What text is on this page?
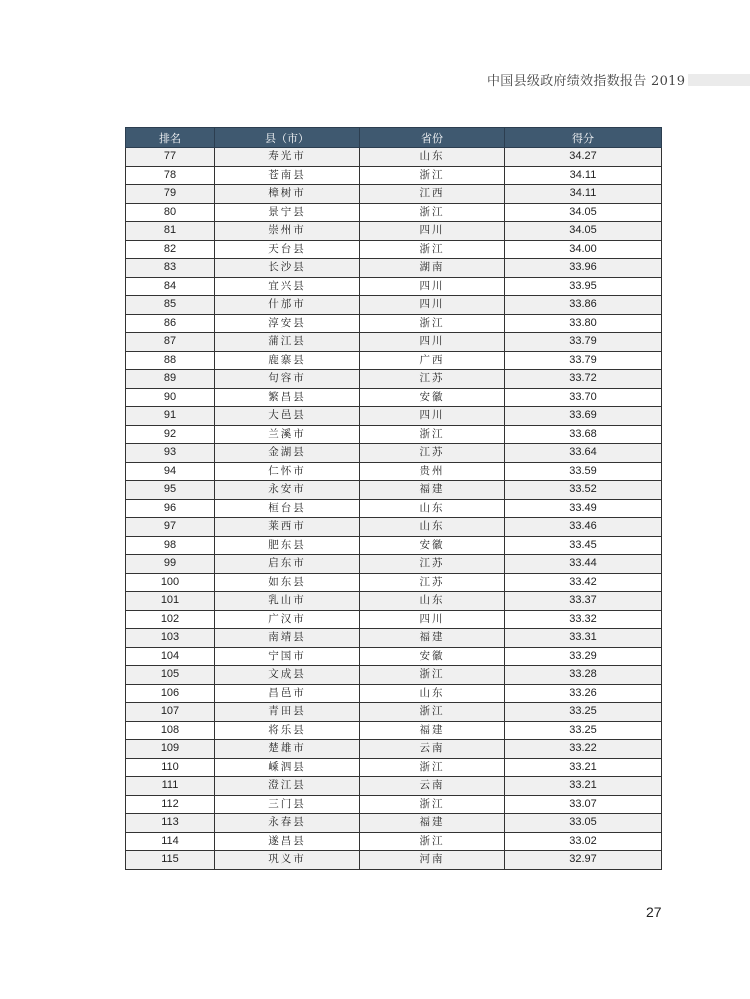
中国县级政府绩效指数报告 2019
排名	县（市）	省份	得分
77	寿光市	山东	34.27
78	苍南县	浙江	34.11
79	樟树市	江西	34.11
80	景宁县	浙江	34.05
81	崇州市	四川	34.05
82	天台县	浙江	34.00
83	长沙县	湖南	33.96
84	宜兴县	四川	33.95
85	什邡市	四川	33.86
86	淳安县	浙江	33.80
87	蒲江县	四川	33.79
88	鹿寨县	广西	33.79
89	句容市	江苏	33.72
90	繁昌县	安徽	33.70
91	大邑县	四川	33.69
92	兰溪市	浙江	33.68
93	金湖县	江苏	33.64
94	仁怀市	贵州	33.59
95	永安市	福建	33.52
96	桓台县	山东	33.49
97	莱西市	山东	33.46
98	肥东县	安徽	33.45
99	启东市	江苏	33.44
100	如东县	江苏	33.42
101	乳山市	山东	33.37
102	广汉市	四川	33.32
103	南靖县	福建	33.31
104	宁国市	安徽	33.29
105	文成县	浙江	33.28
106	昌邑市	山东	33.26
107	青田县	浙江	33.25
108	将乐县	福建	33.25
109	楚雄市	云南	33.22
110	嵊泗县	浙江	33.21
111	澄江县	云南	33.21
112	三门县	浙江	33.07
113	永春县	福建	33.05
114	遂昌县	浙江	33.02
115	巩义市	河南	32.97
27
